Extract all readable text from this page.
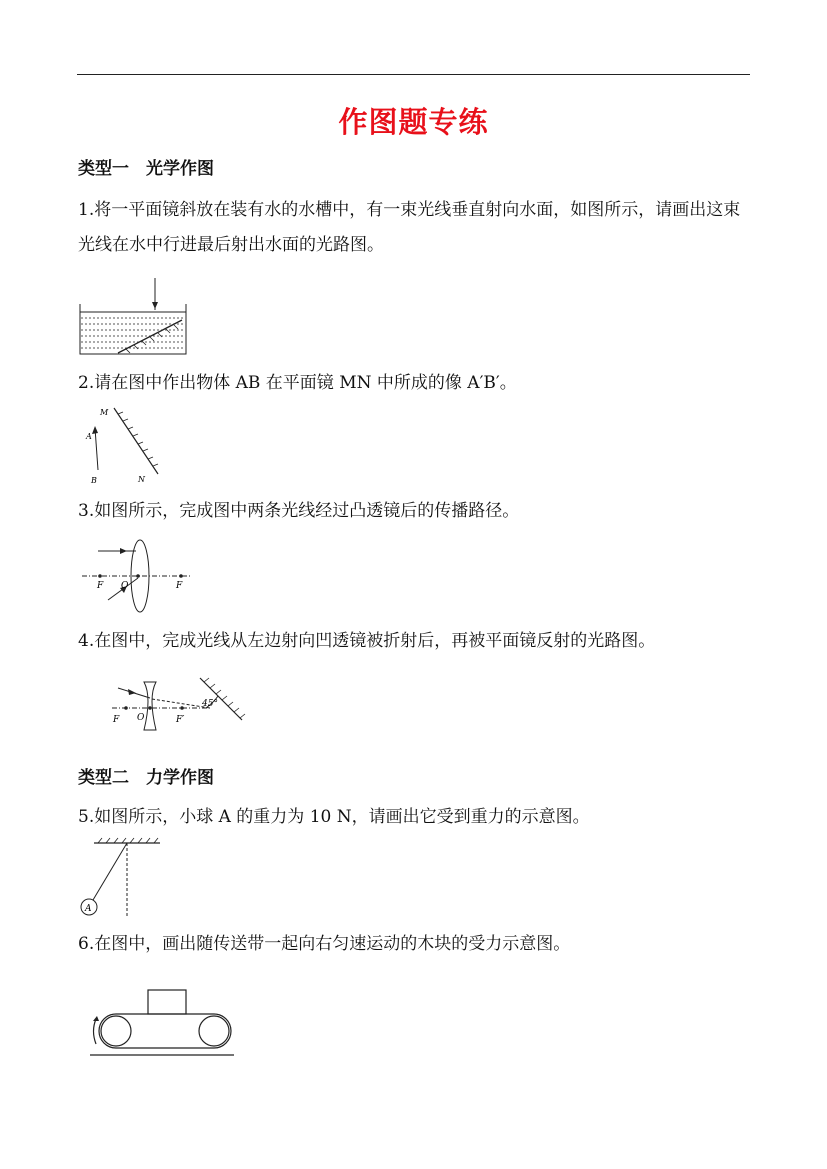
作图题专练
类型一　光学作图
1.将一平面镜斜放在装有水的水槽中，有一束光线垂直射向水面，如图所示，请画出这束光线在水中行进最后射出水面的光路图。
2.请在图中作出物体 AB 在平面镜 MN 中所成的像 A′B′。
M
A
B	N
3.如图所示，完成图中两条光线经过凸透镜后的传播路径。
F O	F
4.在图中，完成光线从左边射向凹透镜被折射后，再被平面镜反射的光路图。
F O	F′
45°
类型二　力学作图
5.如图所示，小球 A 的重力为 10 N，请画出它受到重力的示意图。
A
6.在图中，画出随传送带一起向右匀速运动的木块的受力示意图。
